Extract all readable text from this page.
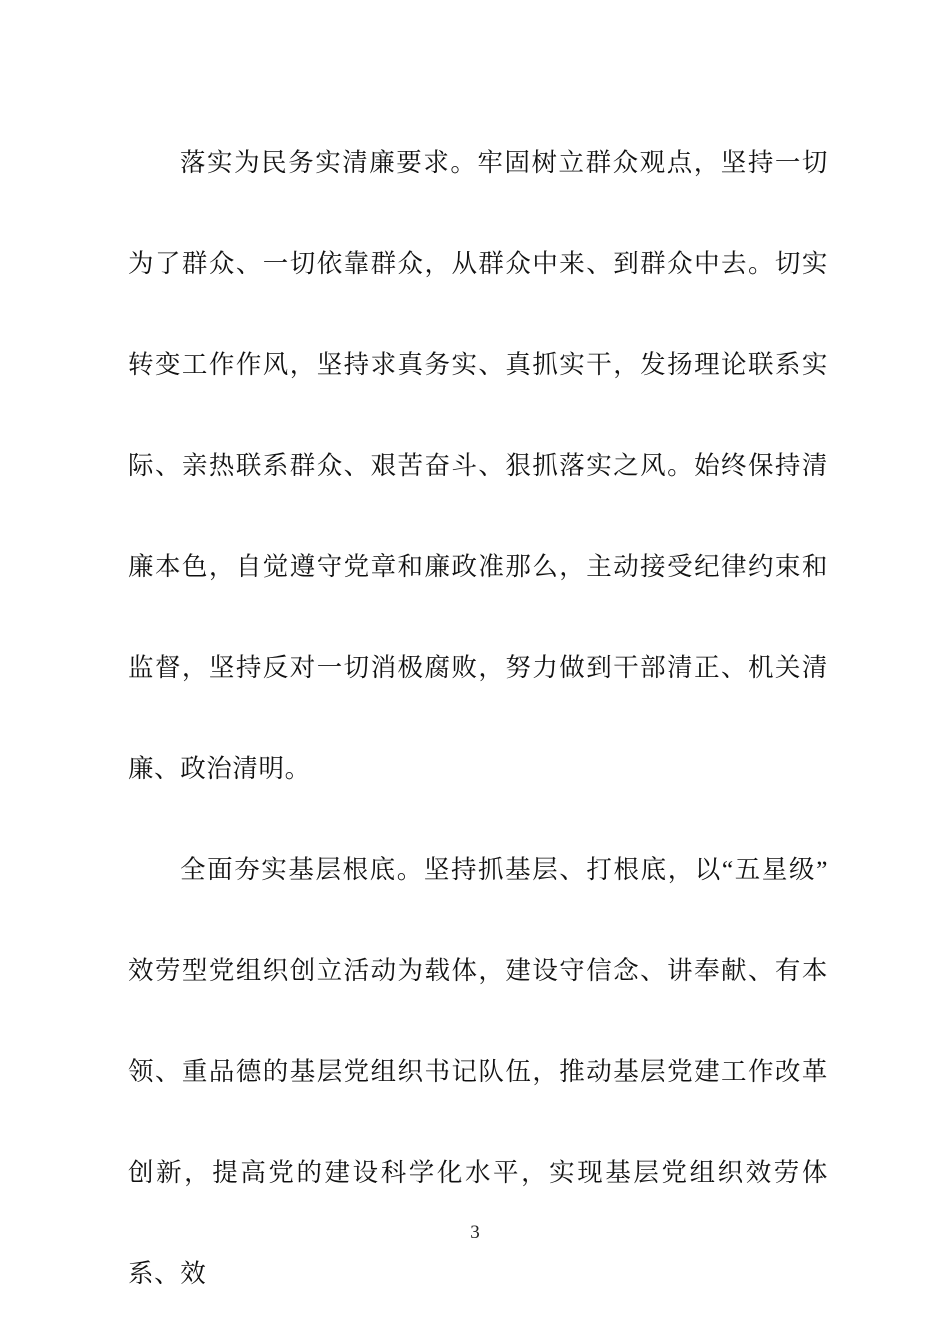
落实为民务实清廉要求。牢固树立群众观点，坚持一切为了群众、一切依靠群众，从群众中来、到群众中去。切实转变工作作风，坚持求真务实、真抓实干，发扬理论联系实际、亲热联系群众、艰苦奋斗、狠抓落实之风。始终保持清廉本色，自觉遵守党章和廉政准那么，主动接受纪律约束和监督，坚持反对一切消极腐败，努力做到干部清正、机关清廉、政治清明。

全面夯实基层根底。坚持抓基层、打根底，以“五星级”效劳型党组织创立活动为载体，建设守信念、讲奉献、有本领、重品德的基层党组织书记队伍，推动基层党建工作改革创新，提高党的建设科学化水平，实现基层党组织效劳体系、效

3
